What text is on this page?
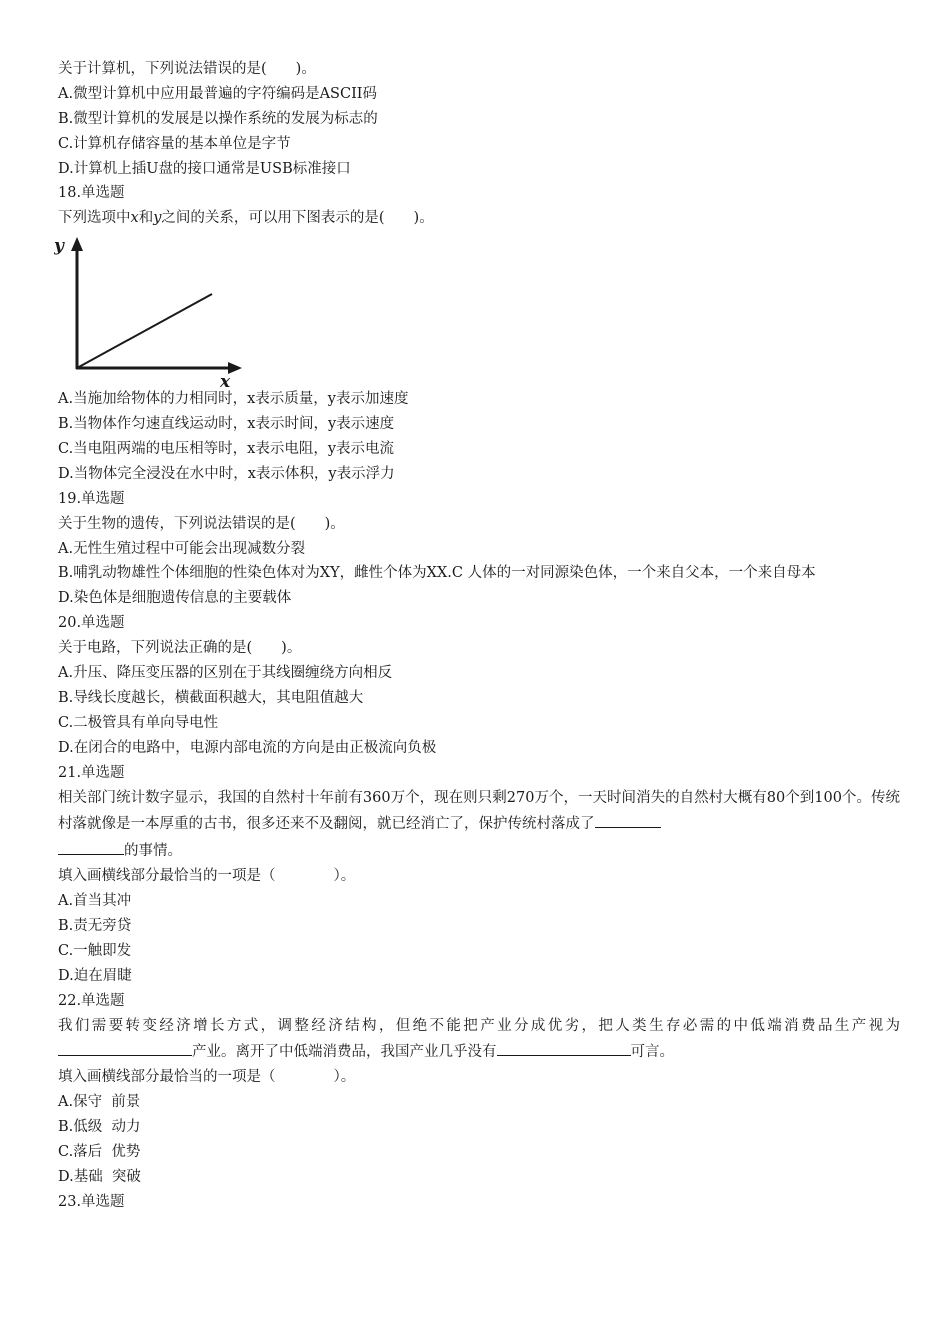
关于计算机，下列说法错误的是(　　)。
A.微型计算机中应用最普遍的字符编码是ASCII码
B.微型计算机的发展是以操作系统的发展为标志的
C.计算机存储容量的基本单位是字节
D.计算机上插U盘的接口通常是USB标准接口
18.单选题
下列选项中x和y之间的关系，可以用下图表示的是(　　)。
y
x
A.当施加给物体的力相同时，x表示质量，y表示加速度
B.当物体作匀速直线运动时，x表示时间，y表示速度
C.当电阻两端的电压相等时，x表示电阻，y表示电流
D.当物体完全浸没在水中时，x表示体积，y表示浮力
19.单选题
关于生物的遗传，下列说法错误的是(　　)。
A.无性生殖过程中可能会出现减数分裂
B.哺乳动物雄性个体细胞的性染色体对为XY，雌性个体为XX.C 人体的一对同源染色体，一个来自父本，一个来自母本
D.染色体是细胞遗传信息的主要载体
20.单选题
关于电路，下列说法正确的是(　　)。
A.升压、降压变压器的区别在于其线圈缠绕方向相反
B.导线长度越长，横截面积越大，其电阻值越大
C.二极管具有单向导电性
D.在闭合的电路中，电源内部电流的方向是由正极流向负极
21.单选题
相关部门统计数字显示，我国的自然村十年前有360万个，现在则只剩270万个，一天时间消失的自然村大概有80个到100个。传统村落就像是一本厚重的古书，很多还来不及翻阅，就已经消亡了，保护传统村落成了
的事情。
填入画横线部分最恰当的一项是（　　　　）。
A.首当其冲
B.责无旁贷
C.一触即发
D.迫在眉睫
22.单选题
我们需要转变经济增长方式，调整经济结构，但绝不能把产业分成优劣，把人类生存必需的中低端消费品生产视为产业。离开了中低端消费品，我国产业几乎没有	可言。
填入画横线部分最恰当的一项是（　　　　）。
A.保守  前景
B.低级  动力
C.落后  优势
D.基础  突破
23.单选题
